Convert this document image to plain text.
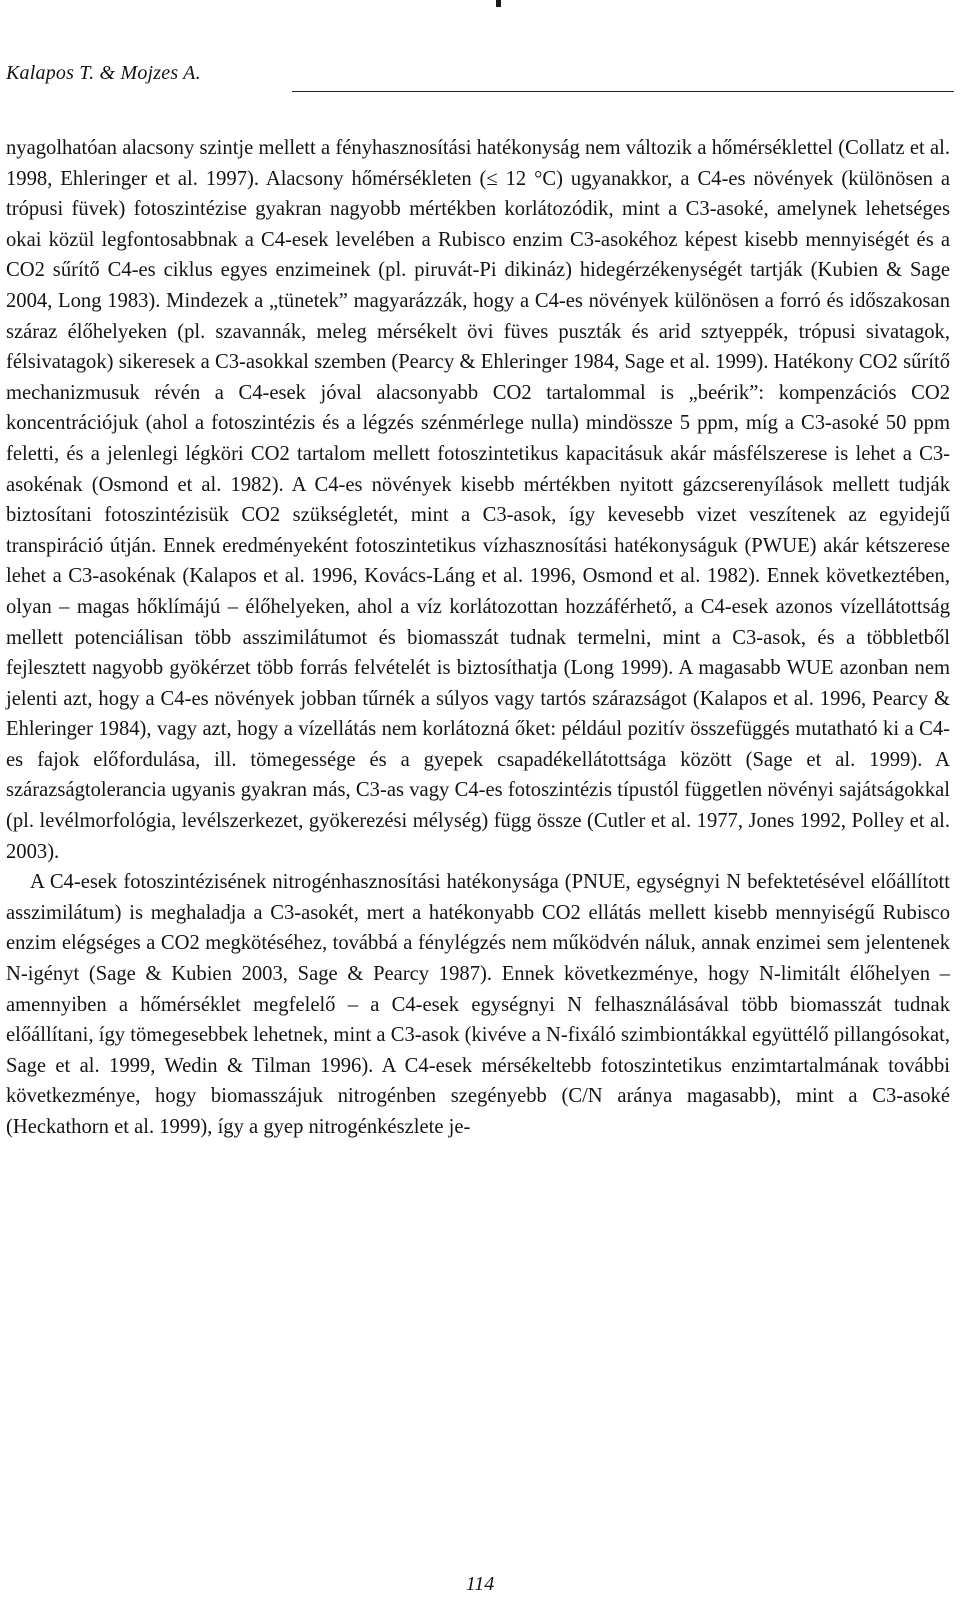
Kalapos T. & Mojzes A.

nyagolhatóan alacsony szintje mellett a fényhasznosítási hatékonyság nem változik a hőmérséklettel (Collatz et al. 1998, Ehleringer et al. 1997). Alacsony hőmérsékleten (≤ 12 °C) ugyanakkor, a C4-es növények (különösen a trópusi füvek) fotoszintézise gyakran nagyobb mértékben korlátozódik, mint a C3-asoké, amelynek lehetséges okai közül legfontosabbnak a C4-esek levelében a Rubisco enzim C3-asokéhoz képest kisebb mennyiségét és a CO2 sűrítő C4-es ciklus egyes enzimeinek (pl. piruvát-Pi dikináz) hidegérzékenységét tartják (Kubien & Sage 2004, Long 1983). Mindezek a „tünetek” magyarázzák, hogy a C4-es növények különösen a forró és időszakosan száraz élőhelyeken (pl. szavannák, meleg mérsékelt övi füves puszták és arid sztyeppék, trópusi sivatagok, félsivatagok) sikeresek a C3-asokkal szemben (Pearcy & Ehleringer 1984, Sage et al. 1999). Hatékony CO2 sűrítő mechanizmusuk révén a C4-esek jóval alacsonyabb CO2 tartalommal is „beérik”: kompenzációs CO2 koncentrációjuk (ahol a fotoszintézis és a légzés szénmérlege nulla) mindössze 5 ppm, míg a C3-asoké 50 ppm feletti, és a jelenlegi légköri CO2 tartalom mellett fotoszintetikus kapacitásuk akár másfélszerese is lehet a C3-asokénak (Osmond et al. 1982). A C4-es növények kisebb mértékben nyitott gázcserenyílások mellett tudják biztosítani fotoszintézisük CO2 szükségletét, mint a C3-asok, így kevesebb vizet veszítenek az egyidejű transpiráció útján. Ennek eredményeként fotoszintetikus vízhasznosítási hatékonyságuk (PWUE) akár kétszerese lehet a C3-asokénak (Kalapos et al. 1996, Kovács-Láng et al. 1996, Osmond et al. 1982). Ennek következtében, olyan – magas hőklímájú – élőhelyeken, ahol a víz korlátozottan hozzáférhető, a C4-esek azonos vízellátottság mellett potenciálisan több asszimilátumot és biomasszát tudnak termelni, mint a C3-asok, és a többletből fejlesztett nagyobb gyökérzet több forrás felvételét is biztosíthatja (Long 1999). A magasabb WUE azonban nem jelenti azt, hogy a C4-es növények jobban tűrnék a súlyos vagy tartós szárazságot (Kalapos et al. 1996, Pearcy & Ehleringer 1984), vagy azt, hogy a vízellátás nem korlátozná őket: például pozitív összefüggés mutatható ki a C4-es fajok előfordulása, ill. tömegessége és a gyepek csapadékellátottsága között (Sage et al. 1999). A szárazságtolerancia ugyanis gyakran más, C3-as vagy C4-es fotoszintézis típustól független növényi sajátságokkal (pl. levélmorfológia, levélszerkezet, gyökerezési mélység) függ össze (Cutler et al. 1977, Jones 1992, Polley et al. 2003).

A C4-esek fotoszintézisének nitrogénhasznosítási hatékonysága (PNUE, egységnyi N befektetésével előállított asszimilátum) is meghaladja a C3-asokét, mert a hatékonyabb CO2 ellátás mellett kisebb mennyiségű Rubisco enzim elégséges a CO2 megkötéséhez, továbbá a fénylégzés nem működvén náluk, annak enzimei sem jelentenek N-igényt (Sage & Kubien 2003, Sage & Pearcy 1987). Ennek következménye, hogy N-limitált élőhelyen – amennyiben a hőmérséklet megfelelő – a C4-esek egységnyi N felhasználásával több biomasszát tudnak előállítani, így tömegesebbek lehetnek, mint a C3-asok (kivéve a N-fixáló szimbiontákkal együttélő pillangósokat, Sage et al. 1999, Wedin & Tilman 1996). A C4-esek mérsékeltebb fotoszintetikus enzimtartalmának további következménye, hogy biomasszájuk nitrogénben szegényebb (C/N aránya magasabb), mint a C3-asoké (Heckathorn et al. 1999), így a gyep nitrogénkészlete je-

114
